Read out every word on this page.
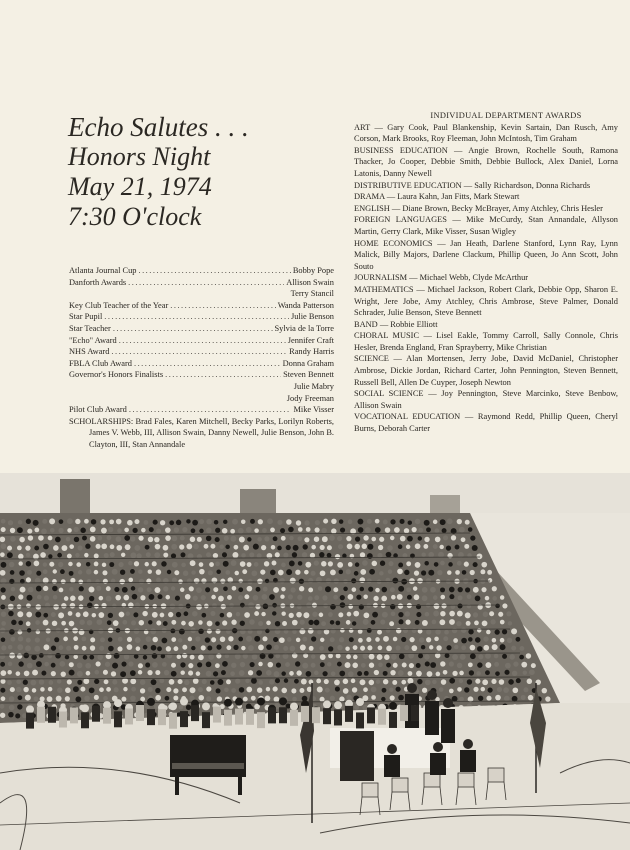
Echo Salutes . . .
Honors Night
May 21, 1974
7:30 O'clock
Atlanta Journal Cup .....	Bobby Pope
Danforth Awards .....	Allison Swain
Terry Stancil
Key Club Teacher of the Year .....	Wanda Patterson
Star Pupil .....	Julie Benson
Star Teacher .....	Sylvia de la Torre
"Echo" Award .....	Jennifer Craft
NHS Award .....	Randy Harris
FBLA Club Award .....	Donna Graham
Governor's Honors Finalists .....	Steven Bennett
Julie Mabry
Jody Freeman
Pilot Club Award .....	Mike Visser
SCHOLARSHIPS: Brad Fales, Karen Mitchell, Becky Parks, Lorilyn Roberts, James V. Webb, III, Allison Swain, Danny Newell, Julie Benson, John B. Clayton, III, Stan Annandale
INDIVIDUAL DEPARTMENT AWARDS
ART — Gary Cook, Paul Blankenship, Kevin Sartain, Dan Rusch, Amy Corson, Mark Brooks, Roy Fleeman, John McIntosh, Tim Graham
BUSINESS EDUCATION — Angie Brown, Rochelle South, Ramona Thacker, Jo Cooper, Debbie Smith, Debbie Bullock, Alex Daniel, Lorna Latonis, Danny Newell
DISTRIBUTIVE EDUCATION — Sally Richardson, Donna Richards
DRAMA — Laura Kahn, Jan Fitts, Mark Stewart
ENGLISH — Diane Brown, Becky McBrayer, Amy Atchley, Chris Hesler
FOREIGN LANGUAGES — Mike McCurdy, Stan Annandale, Allyson Martin, Gerry Clark, Mike Visser, Susan Wigley
HOME ECONOMICS — Jan Heath, Darlene Stanford, Lynn Ray, Lynn Malick, Billy Majors, Darlene Clackum, Phillip Queen, Jo Ann Scott, John Souto
JOURNALISM — Michael Webb, Clyde McArthur
MATHEMATICS — Michael Jackson, Robert Clark, Debbie Opp, Sharon E. Wright, Jere Jobe, Amy Atchley, Chris Ambrose, Steve Palmer, Donald Schrader, Julie Benson, Steve Bennett
BAND — Robbie Elliott
CHORAL MUSIC — Lisel Eakle, Tommy Carroll, Sally Connole, Chris Hesler, Brenda England, Fran Sprayberry, Mike Christian
SCIENCE — Alan Mortensen, Jerry Jobe, David McDaniel, Christopher Ambrose, Dickie Jordan, Richard Carter, John Pennington, Steven Bennett, Russell Bell, Allen De Cuyper, Joseph Newton
SOCIAL SCIENCE — Joy Pennington, Steve Marcinko, Steve Benbow, Allison Swain
VOCATIONAL EDUCATION — Raymond Redd, Phillip Queen, Cheryl Burns, Deborah Carter
